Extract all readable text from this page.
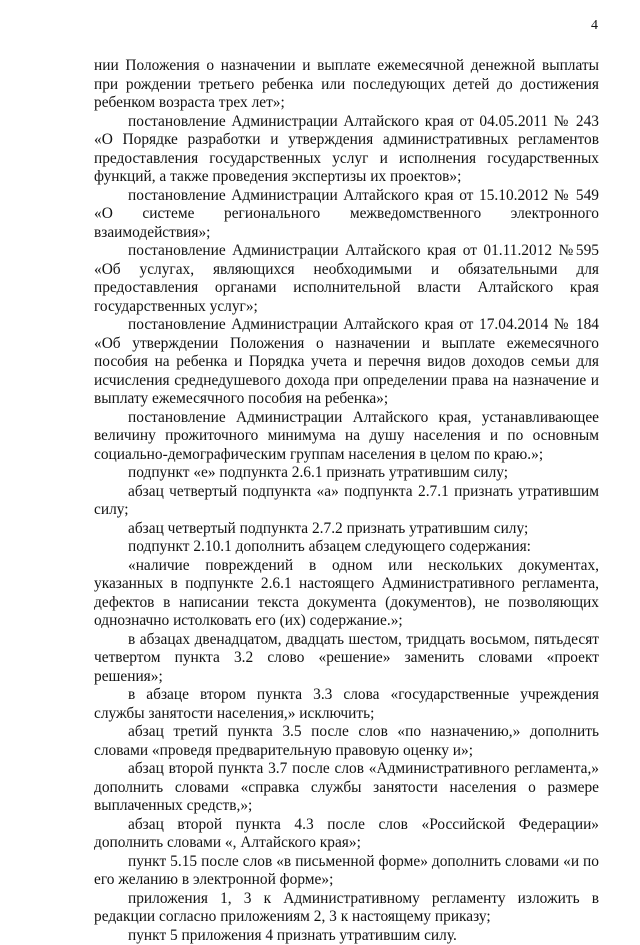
4

нии Положения о назначении и выплате ежемесячной денежной выплаты при рождении третьего ребенка или последующих детей до достижения ребенком возраста трех лет»;

постановление Администрации Алтайского края от 04.05.2011 № 243 «О Порядке разработки и утверждения административных регламентов предоставления государственных услуг и исполнения государственных функций, а также проведения экспертизы их проектов»;

постановление Администрации Алтайского края от 15.10.2012 № 549 «О системе регионального межведомственного электронного взаимодействия»;

постановление Администрации Алтайского края от 01.11.2012 №595 «Об услугах, являющихся необходимыми и обязательными для предоставления органами исполнительной власти Алтайского края государственных услуг»;

постановление Администрации Алтайского края от 17.04.2014 № 184 «Об утверждении Положения о назначении и выплате ежемесячного пособия на ребенка и Порядка учета и перечня видов доходов семьи для исчисления среднедушевого дохода при определении права на назначение и выплату ежемесячного пособия на ребенка»;

постановление Администрации Алтайского края, устанавливающее величину прожиточного минимума на душу населения и по основным социально-демографическим группам населения в целом по краю.»;

подпункт «е» подпункта 2.6.1 признать утратившим силу;

абзац четвертый подпункта «а» подпункта 2.7.1 признать утратившим силу;

абзац четвертый подпункта 2.7.2 признать утратившим силу;

подпункт 2.10.1 дополнить абзацем следующего содержания:

«наличие повреждений в одном или нескольких документах, указанных в подпункте 2.6.1 настоящего Административного регламента, дефектов в написании текста документа (документов), не позволяющих однозначно истолковать его (их) содержание.»;

в абзацах двенадцатом, двадцать шестом, тридцать восьмом, пятьдесят четвертом пункта 3.2 слово «решение» заменить словами «проект решения»;

в абзаце втором пункта 3.3 слова «государственные учреждения службы занятости населения,» исключить;

абзац третий пункта 3.5 после слов «по назначению,» дополнить словами «проведя предварительную правовую оценку и»;

абзац второй пункта 3.7 после слов «Административного регламента,» дополнить словами «справка службы занятости населения о размере выплаченных средств,»;

абзац второй пункта 4.3 после слов «Российской Федерации» дополнить словами «, Алтайского края»;

пункт 5.15 после слов «в письменной форме» дополнить словами «и по его желанию в электронной форме»;

приложения 1, 3 к Административному регламенту изложить в редакции согласно приложениям 2, 3 к настоящему приказу;

пункт 5 приложения 4 признать утратившим силу.
